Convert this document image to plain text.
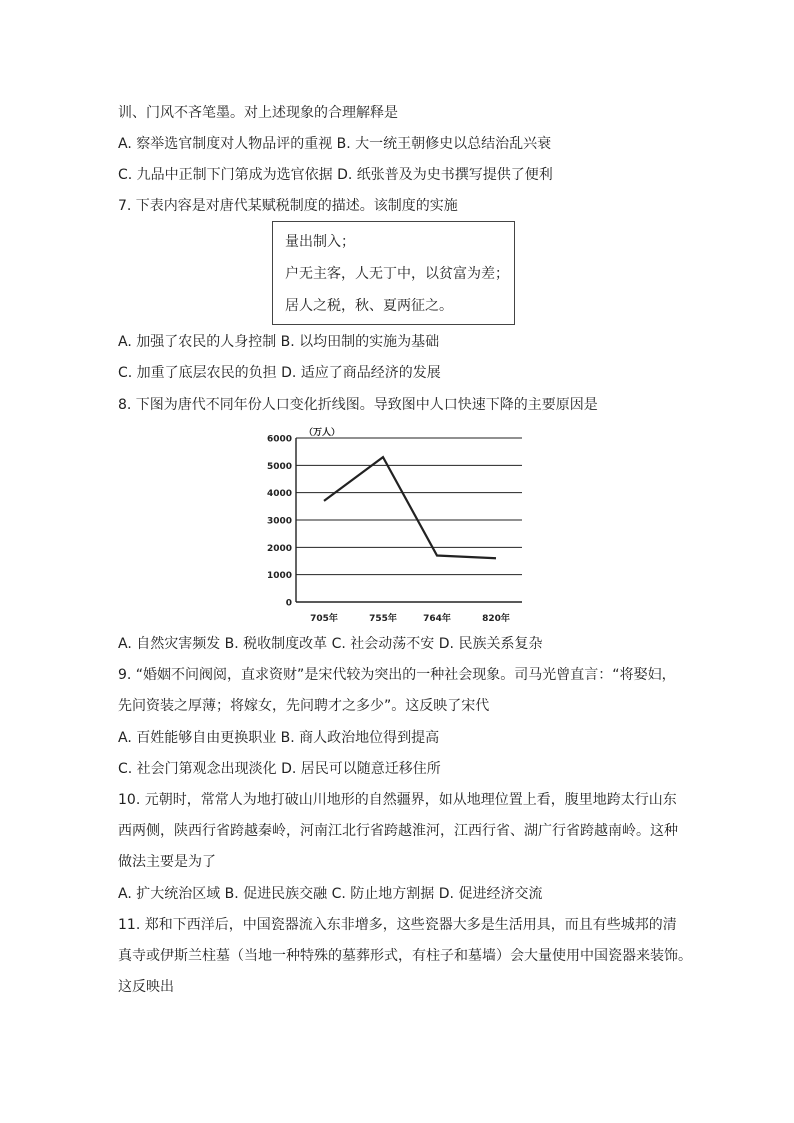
训、门风不吝笔墨。对上述现象的合理解释是
A. 察举选官制度对人物品评的重视 B. 大一统王朝修史以总结治乱兴衰
C. 九品中正制下门第成为选官依据 D. 纸张普及为史书撰写提供了便利
7. 下表内容是对唐代某赋税制度的描述。该制度的实施
量出制入；
户无主客，人无丁中，以贫富为差；
居人之税，秋、夏两征之。
A. 加强了农民的人身控制 B. 以均田制的实施为基础
C. 加重了底层农民的负担 D. 适应了商品经济的发展
8. 下图为唐代不同年份人口变化折线图。导致图中人口快速下降的主要原因是
6000
5000
4000
3000
2000
1000
0
（万人）
705年	755年	764年	820年
A. 自然灾害频发 B. 税收制度改革 C. 社会动荡不安 D. 民族关系复杂
9. “婚姻不问阀阅，直求资财”是宋代较为突出的一种社会现象。司马光曾直言：“将娶妇，
先问资装之厚薄；将嫁女，先问聘才之多少”。这反映了宋代
A. 百姓能够自由更换职业 B. 商人政治地位得到提高
C. 社会门第观念出现淡化 D. 居民可以随意迁移住所
10. 元朝时，常常人为地打破山川地形的自然疆界，如从地理位置上看，腹里地跨太行山东
西两侧，陕西行省跨越秦岭，河南江北行省跨越淮河，江西行省、湖广行省跨越南岭。这种
做法主要是为了
A. 扩大统治区域 B. 促进民族交融 C. 防止地方割据 D. 促进经济交流
11. 郑和下西洋后，中国瓷器流入东非增多，这些瓷器大多是生活用具，而且有些城邦的清
真寺或伊斯兰柱墓（当地一种特殊的墓葬形式，有柱子和墓墙）会大量使用中国瓷器来装饰。
这反映出
